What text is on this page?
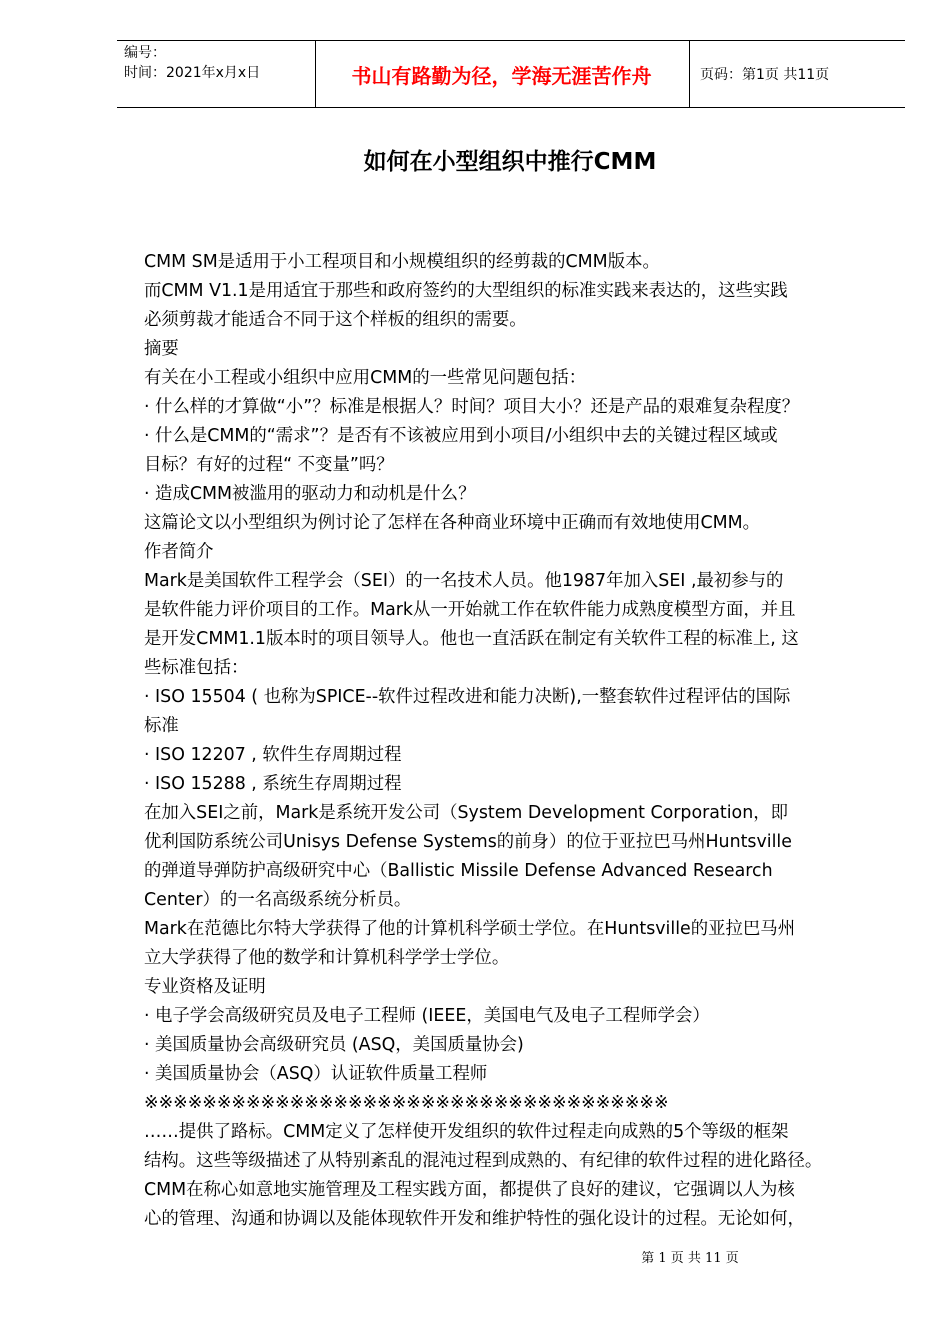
编号：
时间：2021年x月x日	书山有路勤为径，学海无涯苦作舟	页码：第1页 共11页
如何在小型组织中推行CMM

CMM SM是适用于小工程项目和小规模组织的经剪裁的CMM版本。

而CMM V1.1是用适宜于那些和政府签约的大型组织的标准实践来表达的，这些实践

必须剪裁才能适合不同于这个样板的组织的需要。

摘要

有关在小工程或小组织中应用CMM的一些常见问题包括：

· 什么样的才算做“小”？标准是根据人？时间？项目大小？还是产品的艰难复杂程度？

· 什么是CMM的“需求”？是否有不该被应用到小项目/小组织中去的关键过程区域或

目标？有好的过程“ 不变量”吗？

· 造成CMM被滥用的驱动力和动机是什么？

这篇论文以小型组织为例讨论了怎样在各种商业环境中正确而有效地使用CMM。

作者简介

Mark是美国软件工程学会（SEI）的一名技术人员。他1987年加入SEI ,最初参与的

是软件能力评价项目的工作。Mark从一开始就工作在软件能力成熟度模型方面，并且

是开发CMM1.1版本时的项目领导人。他也一直活跃在制定有关软件工程的标准上, 这

些标准包括：

· ISO 15504 ( 也称为SPICE--软件过程改进和能力决断),一整套软件过程评估的国际

标准

· ISO 12207 , 软件生存周期过程

· ISO 15288 , 系统生存周期过程

在加入SEI之前，Mark是系统开发公司（System Development Corporation，即

优利国防系统公司Unisys Defense Systems的前身）的位于亚拉巴马州Huntsville

的弹道导弹防护高级研究中心（Ballistic Missile Defense Advanced Research

Center）的一名高级系统分析员。

Mark在范德比尔特大学获得了他的计算机科学硕士学位。在Huntsville的亚拉巴马州

立大学获得了他的数学和计算机科学学士学位。

专业资格及证明

· 电子学会高级研究员及电子工程师 (IEEE，美国电气及电子工程师学会）

· 美国质量协会高级研究员 (ASQ，美国质量协会)

· 美国质量协会（ASQ）认证软件质量工程师

※※※※※※※※※※※※※※※※※※※※※※※※※※※※※※※※※※※※

……提供了路标。CMM定义了怎样使开发组织的软件过程走向成熟的5个等级的框架

结构。这些等级描述了从特别紊乱的混沌过程到成熟的、有纪律的软件过程的进化路径。

CMM在称心如意地实施管理及工程实践方面，都提供了良好的建议，它强调以人为核

心的管理、沟通和协调以及能体现软件开发和维护特性的强化设计的过程。无论如何，

第 1 页 共 11 页
